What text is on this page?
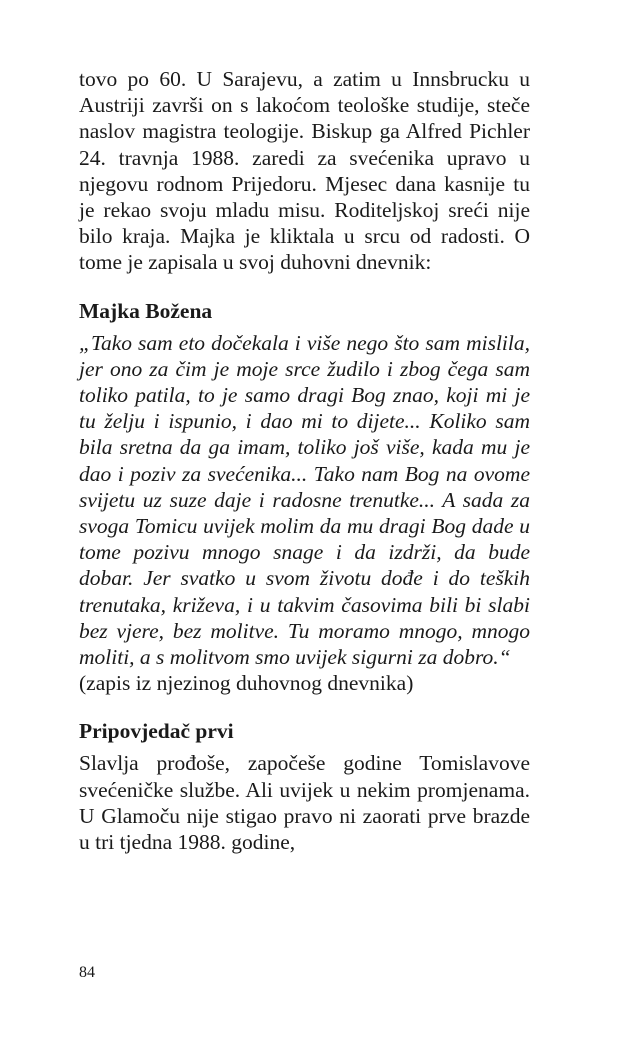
tovo po 60. U Sarajevu, a zatim u Innsbrucku u Austriji završi on s lakoćom teološke studije, steče naslov magistra teologije. Biskup ga Alfred Pichler 24. travnja 1988. zaredi za svećenika upravo u njegovu rodnom Prijedoru. Mjesec dana kasnije tu je rekao svoju mladu misu. Roditeljskoj sreći nije bilo kraja. Majka je kliktala u srcu od radosti. O tome je zapisala u svoj duhovni dnevnik:

Majka Božena

„Tako sam eto dočekala i više nego što sam mislila, jer ono za čim je moje srce žudilo i zbog čega sam toliko patila, to je samo dragi Bog znao, koji mi je tu želju i ispunio, i dao mi to dijete... Koliko sam bila sretna da ga imam, toliko još više, kada mu je dao i poziv za svećenika... Tako nam Bog na ovome svijetu uz suze daje i radosne trenutke... A sada za svoga Tomicu uvijek molim da mu dragi Bog dade u tome pozivu mnogo snage i da izdrži, da bude dobar. Jer svatko u svom životu dođe i do teških trenutaka, križeva, i u takvim časovima bili bi slabi bez vjere, bez molitve. Tu moramo mnogo, mnogo moliti, a s molitvom smo uvijek sigurni za dobro.“

(zapis iz njezinog duhovnog dnevnika)

Pripovjedač prvi

Slavlja prođoše, započeše godine Tomislavove svećeničke službe. Ali uvijek u nekim promjenama. U Glamoču nije stigao pravo ni zaorati prve brazde u tri tjedna 1988. godine,

84
